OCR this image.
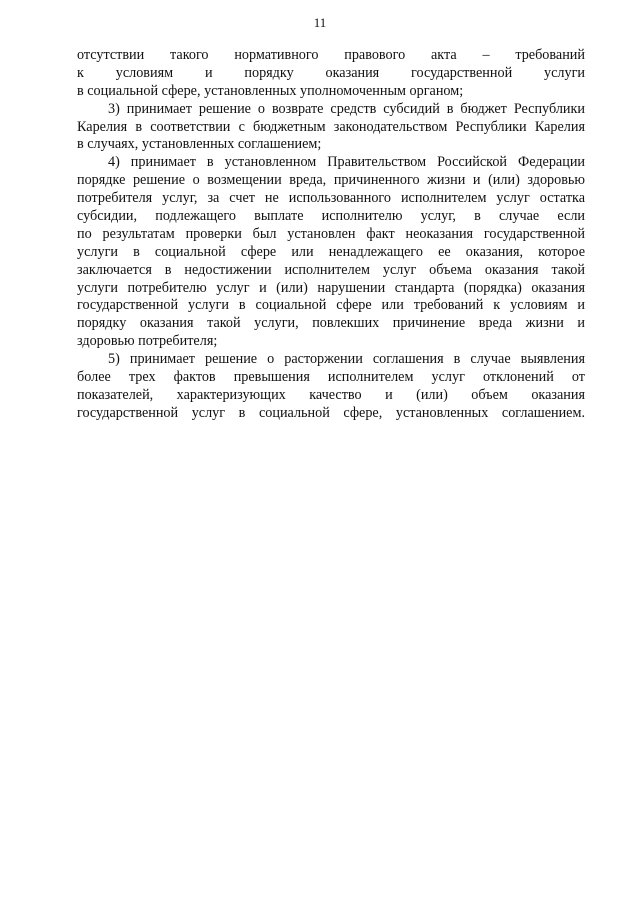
11
отсутствии такого нормативного правового акта – требований
к условиям и порядку оказания государственной услуги
в социальной сфере, установленных уполномоченным органом;
3) принимает решение о возврате средств субсидий в бюджет Республики
Карелия в соответствии с бюджетным законодательством Республики Карелия
в случаях, установленных соглашением;
4) принимает в установленном Правительством Российской Федерации
порядке решение о возмещении вреда, причиненного жизни и (или) здоровью
потребителя услуг, за счет не использованного исполнителем услуг остатка
субсидии, подлежащего выплате исполнителю услуг, в случае если
по результатам проверки был установлен факт неоказания государственной
услуги в социальной сфере или ненадлежащего ее оказания, которое
заключается в недостижении исполнителем услуг объема оказания такой
услуги потребителю услуг и (или) нарушении стандарта (порядка) оказания
государственной услуги в социальной сфере или требований к условиям и
порядку оказания такой услуги, повлекших причинение вреда жизни и
здоровью потребителя;
5) принимает решение о расторжении соглашения в случае выявления
более трех фактов превышения исполнителем услуг отклонений от
показателей, характеризующих качество и (или) объем оказания
государственной услуг в социальной сфере, установленных соглашением.
